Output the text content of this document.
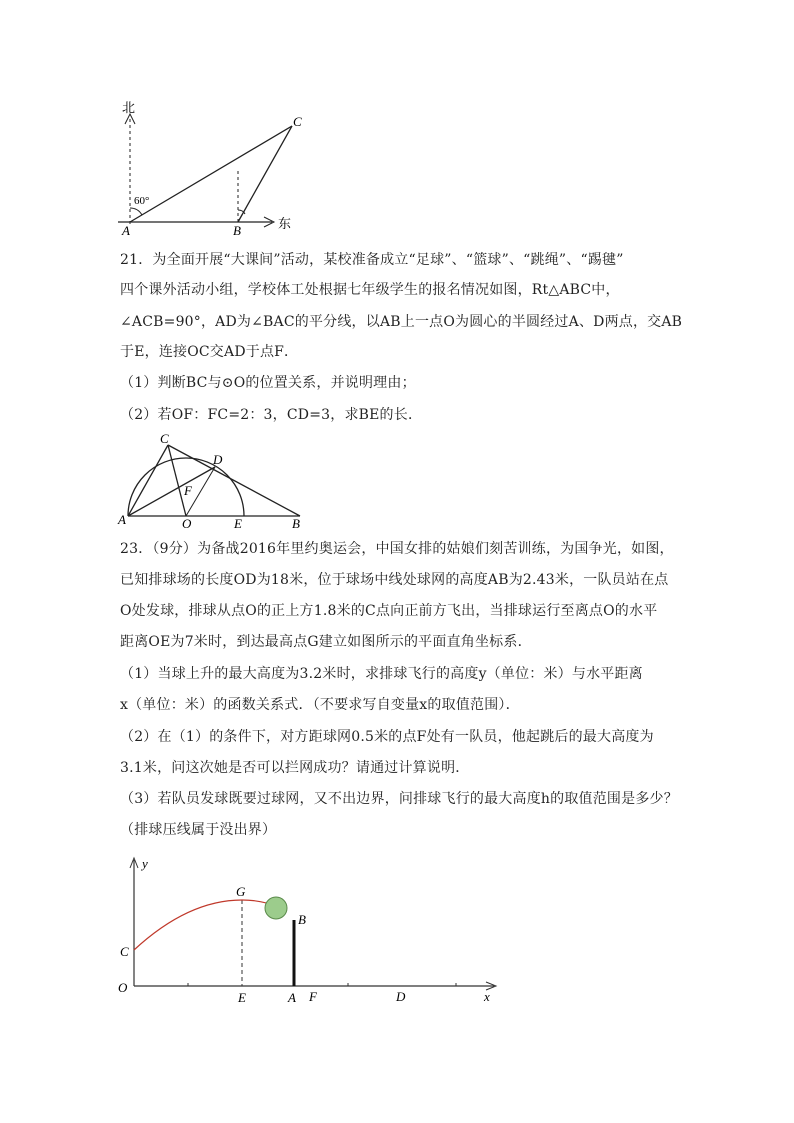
北
东
60°
A	B
C
21．为全面开展“大课间”活动，某校准备成立“足球”、“篮球”、“跳绳”、“踢毽”
四个课外活动小组，学校体工处根据七年级学生的报名情况如图，Rt△ABC中，
∠ACB=90°，AD为∠BAC的平分线，以AB上一点O为圆心的半圆经过A、D两点，交AB
于E，连接OC交AD于点F．
（1）判断BC与⊙O的位置关系，并说明理由；
（2）若OF：FC=2：3，CD=3，求BE的长．
A	B
C
D
E
F
O
23．（9分）为备战2016年里约奥运会，中国女排的姑娘们刻苦训练，为国争光，如图，
已知排球场的长度OD为18米，位于球场中线处球网的高度AB为2.43米，一队员站在点
O处发球，排球从点O的正上方1.8米的C点向正前方飞出，当排球运行至离点O的水平
距离OE为7米时，到达最高点G建立如图所示的平面直角坐标系．
（1）当球上升的最大高度为3.2米时，求排球飞行的高度y（单位：米）与水平距离
x（单位：米）的函数关系式．（不要求写自变量x的取值范围）．
（2）在（1）的条件下，对方距球网0.5米的点F处有一队员，他起跳后的最大高度为
3.1米，问这次她是否可以拦网成功？请通过计算说明．
（3）若队员发球既要过球网，又不出边界，问排球飞行的最大高度h的取值范围是多少？
（排球压线属于没出界）
y
x
O
C
G
B
E	A F	D
